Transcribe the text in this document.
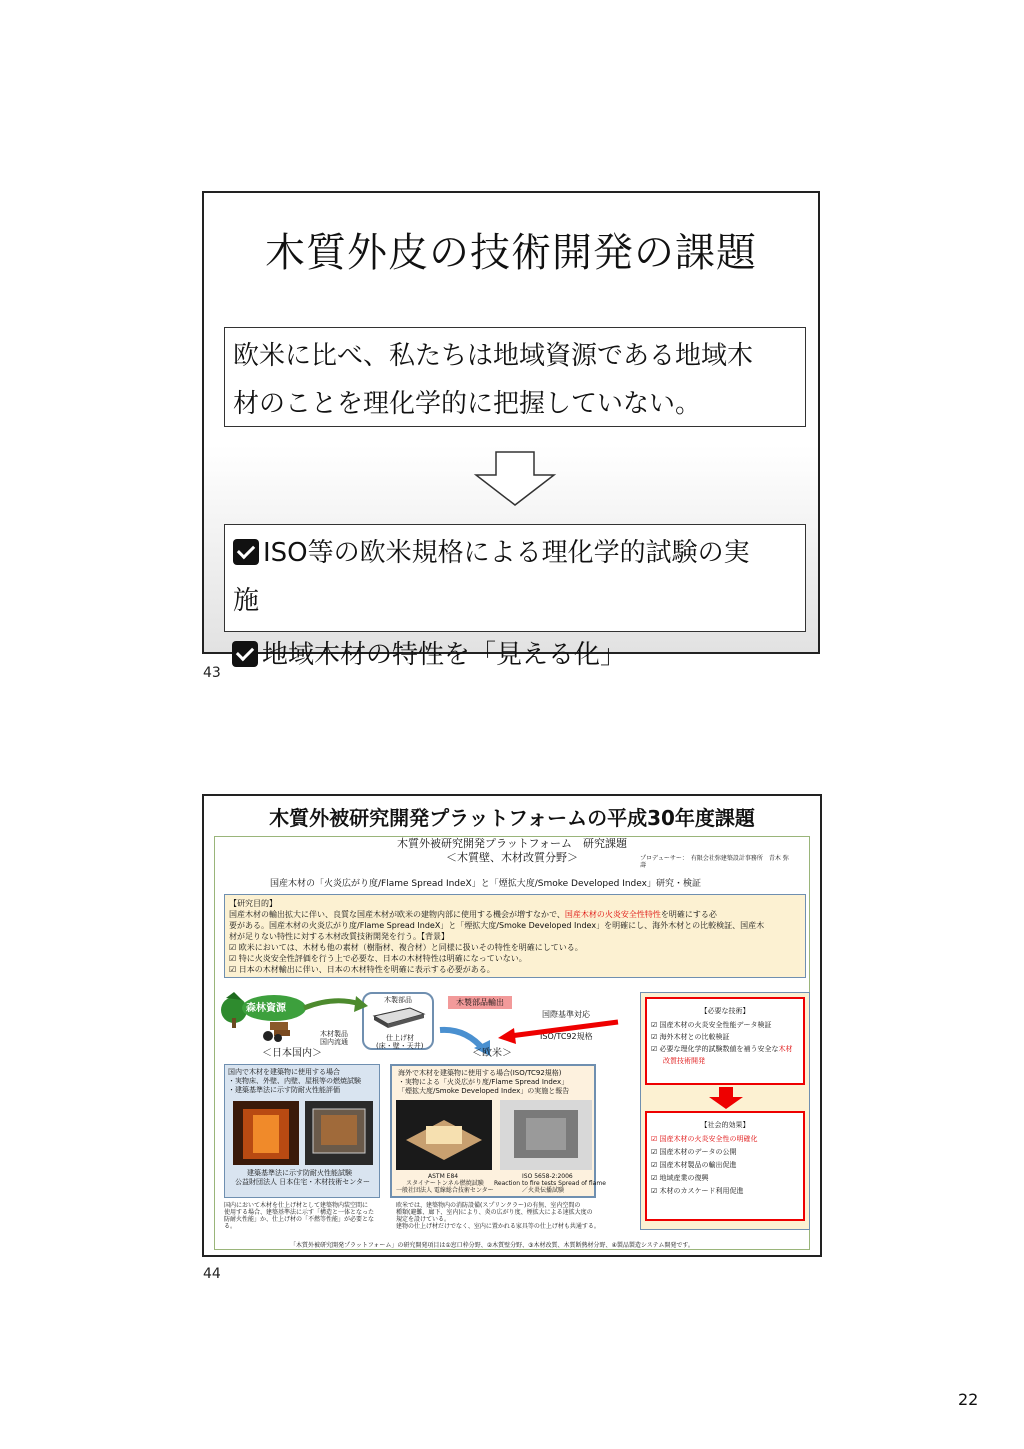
木質外皮の技術開発の課題
欧米に比べ、私たちは地域資源である地域木
材のことを理化学的に把握していない。
ISO等の欧米規格による理化学的試験の実
施
地域木材の特性を「見える化」
43
木質外被研究開発プラットフォームの平成30年度課題
木質外被研究開発プラットフォーム　研究課題
＜木質壁、木材改質分野＞	プロデューサー：　有限会社弥建築設計事務所　青木 弥
壽
国産木材の「火炎広がり度/Flame Spread IndeX」と「煙拡大度/Smoke Developed Index」研究・検証
【研究目的】
国産木材の輸出拡大に伴い、良質な国産木材が欧米の建物内部に使用する機会が増すなかで、国産木材の火炎安全性特性を明確にする必
要がある。国産木材の火炎広がり度/Flame Spread IndeX」と「煙拡大度/Smoke Developed Index」を明確にし、海外木材との比較検証、国産木
材が足りない特性に対する木材改質技術開発を行う。【背景】
☑ 欧米においては、木材も他の素材（樹脂材、複合材）と同様に扱いその特性を明確にしている。
☑ 特に火炎安全性評価を行う上で必要な、日本の木材特性は明確になっていない。
☑ 日本の木材輸出に伴い、日本の木材特性を明確に表示する必要がある。
森林資源
木材製品
国内流通
木製部品
仕上げ材
(床・壁・天井)
木製部品輸出
国際基準対応
ISO/TC92規格
＜日本国内＞	＜欧米＞
国内で木材を建築物に使用する場合
・実物床、外壁、内壁、屋根等の燃焼試験
・建築基準法に示す防耐火性能評価
建築基準法に示す防耐火性能試験
公益財団法人 日本住宅・木材技術センター
海外で木材を建築物に使用する場合(ISO/TC92規格)
・実物による「火炎広がり度/Flame Spread Index」
「煙拡大度/Smoke Developed Index」の実施と報告
ASTM E84
スタイナートンネル燃焼試験
一般社団法人 電線総合技術センター
ISO 5658-2:2006
Reaction to fire tests Spread of flame
／火炎伝播試験
国内において木材を仕上げ材として建築物内装空間に
使用する場合、建築基準法に示す「構造と一体となった
防耐火性能」か、仕上げ材の「不燃等性能」が必要とな
る。
欧米では、建築物内の消防設備(スプリンクラー)の有無、室内空間の
種類(避難、廊下、室内)により、炎の広がり度、煙拡大による速拡大度の
規定を設けている。
建物の仕上げ材だけでなく、室内に置かれる家具等の仕上げ材も共通する。
【必要な技術】
☑ 国産木材の火炎安全性能データ検証
☑ 海外木材との比較検証
☑ 必要な理化学的試験数値を補う安全な木材
改質技術開発
【社会的効果】
☑ 国産木材の火炎安全性の明確化
☑ 国産木材のデータの公開
☑ 国産木材製品の輸出促進
☑ 地域産業の復興
☑ 木材のカスケード利用促進
「木質外被研究開発プラットフォーム」の研究開発項目は①窓口枠分野、②木質壁分野、③木材改質、木質断熱材分野、④製品製造システム開発です。
44
22
